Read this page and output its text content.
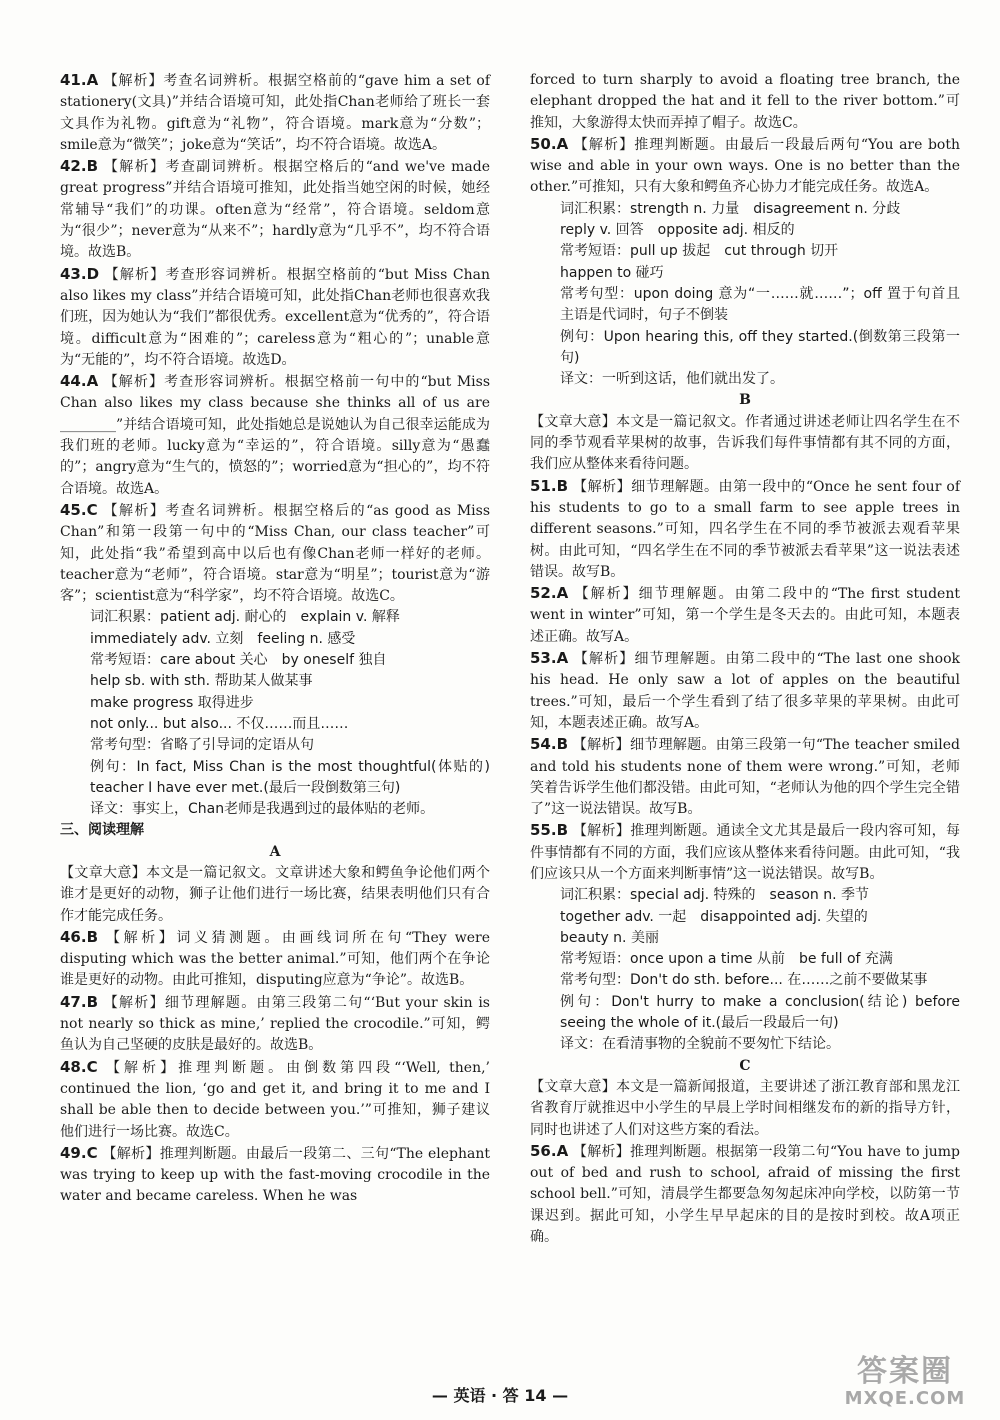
41.A 【解析】考查名词辨析。根据空格前的“gave him a set of stationery(文具)”并结合语境可知，此处指Chan老师给了班长一套文具作为礼物。gift意为“礼物”，符合语境。mark意为“分数”；smile意为“微笑”；joke意为“笑话”，均不符合语境。故选A。
42.B 【解析】考查副词辨析。根据空格后的“and we've made great progress”并结合语境可推知，此处指当她空闲的时候，她经常辅导“我们”的功课。often意为“经常”，符合语境。seldom意为“很少”；never意为“从来不”；hardly意为“几乎不”，均不符合语境。故选B。
43.D 【解析】考查形容词辨析。根据空格前的“but Miss Chan also likes my class”并结合语境可知，此处指Chan老师也很喜欢我们班，因为她认为“我们”都很优秀。excellent意为“优秀的”，符合语境。difficult意为“困难的”；careless意为“粗心的”；unable意为“无能的”，均不符合语境。故选D。
44.A 【解析】考查形容词辨析。根据空格前一句中的“but Miss Chan also likes my class because she thinks all of us are ________”并结合语境可知，此处指她总是说她认为自己很幸运能成为我们班的老师。lucky意为“幸运的”，符合语境。silly意为“愚蠢的”；angry意为“生气的，愤怒的”；worried意为“担心的”，均不符合语境。故选A。
45.C 【解析】考查名词辨析。根据空格后的“as good as Miss Chan”和第一段第一句中的“Miss Chan, our class teacher”可知，此处指“我”希望到高中以后也有像Chan老师一样好的老师。teacher意为“老师”，符合语境。star意为“明星”；tourist意为“游客”；scientist意为“科学家”，均不符合语境。故选C。
词汇积累：patient adj. 耐心的　explain v. 解释
immediately adv. 立刻　feeling n. 感受
常考短语：care about 关心　by oneself 独自
help sb. with sth. 帮助某人做某事
make progress 取得进步
not only... but also... 不仅……而且……
常考句型：省略了引导词的定语从句
例句：In fact, Miss Chan is the most thoughtful(体贴的) teacher I have ever met.(最后一段倒数第三句)
译文：事实上，Chan老师是我遇到过的最体贴的老师。
三、阅读理解
A
【文章大意】本文是一篇记叙文。文章讲述大象和鳄鱼争论他们两个谁才是更好的动物，狮子让他们进行一场比赛，结果表明他们只有合作才能完成任务。
46.B 【解析】词义猜测题。由画线词所在句“They were disputing which was the better animal.”可知，他们两个在争论谁是更好的动物。由此可推知，disputing应意为“争论”。故选B。
47.B 【解析】细节理解题。由第三段第二句“‘But your skin is not nearly so thick as mine,’ replied the crocodile.”可知，鳄鱼认为自己坚硬的皮肤是最好的。故选B。
48.C 【解析】推理判断题。由倒数第四段“‘Well, then,’ continued the lion, ‘go and get it, and bring it to me and I shall be able then to decide between you.’”可推知，狮子建议他们进行一场比赛。故选C。
49.C 【解析】推理判断题。由最后一段第二、三句“The elephant was trying to keep up with the fast-moving crocodile in the water and became careless. When he was
forced to turn sharply to avoid a floating tree branch, the elephant dropped the hat and it fell to the river bottom.”可推知，大象游得太快而弄掉了帽子。故选C。
50.A 【解析】推理判断题。由最后一段最后两句“You are both wise and able in your own ways. One is no better than the other.”可推知，只有大象和鳄鱼齐心协力才能完成任务。故选A。
词汇积累：strength n. 力量　disagreement n. 分歧
reply v. 回答　opposite adj. 相反的
常考短语：pull up 拔起　cut through 切开
happen to 碰巧
常考句型：upon doing 意为“一……就……”；off 置于句首且主语是代词时，句子不倒装
例句：Upon hearing this, off they started.(倒数第三段第一句)
译文：一听到这话，他们就出发了。
B
【文章大意】本文是一篇记叙文。作者通过讲述老师让四名学生在不同的季节观看苹果树的故事，告诉我们每件事情都有其不同的方面，我们应从整体来看待问题。
51.B 【解析】细节理解题。由第一段中的“Once he sent four of his students to go to a small farm to see apple trees in different seasons.”可知，四名学生在不同的季节被派去观看苹果树。由此可知，“四名学生在不同的季节被派去看苹果”这一说法表述错误。故写B。
52.A 【解析】细节理解题。由第二段中的“The first student went in winter”可知，第一个学生是冬天去的。由此可知，本题表述正确。故写A。
53.A 【解析】细节理解题。由第二段中的“The last one shook his head. He only saw a lot of apples on the beautiful trees.”可知，最后一个学生看到了结了很多苹果的苹果树。由此可知，本题表述正确。故写A。
54.B 【解析】细节理解题。由第三段第一句“The teacher smiled and told his students none of them were wrong.”可知，老师笑着告诉学生他们都没错。由此可知，“老师认为他的四个学生完全错了”这一说法错误。故写B。
55.B 【解析】推理判断题。通读全文尤其是最后一段内容可知，每件事情都有不同的方面，我们应该从整体来看待问题。由此可知，“我们应该只从一个方面来判断事情”这一说法错误。故写B。
词汇积累：special adj. 特殊的　season n. 季节
together adv. 一起　disappointed adj. 失望的
beauty n. 美丽
常考短语：once upon a time 从前　be full of 充满
常考句型：Don't do sth. before... 在……之前不要做某事
例句：Don't hurry to make a conclusion(结论) before seeing the whole of it.(最后一段最后一句)
译文：在看清事物的全貌前不要匆忙下结论。
C
【文章大意】本文是一篇新闻报道，主要讲述了浙江教育部和黑龙江省教育厅就推迟中小学生的早晨上学时间相继发布的新的指导方针，同时也讲述了人们对这些方案的看法。
56.A 【解析】推理判断题。根据第一段第二句“You have to jump out of bed and rush to school, afraid of missing the first school bell.”可知，清晨学生都要急匆匆起床冲向学校，以防第一节课迟到。据此可知，小学生早早起床的目的是按时到校。故A项正确。
— 英语 · 答 14 —
答案圈
MXQE.COM
